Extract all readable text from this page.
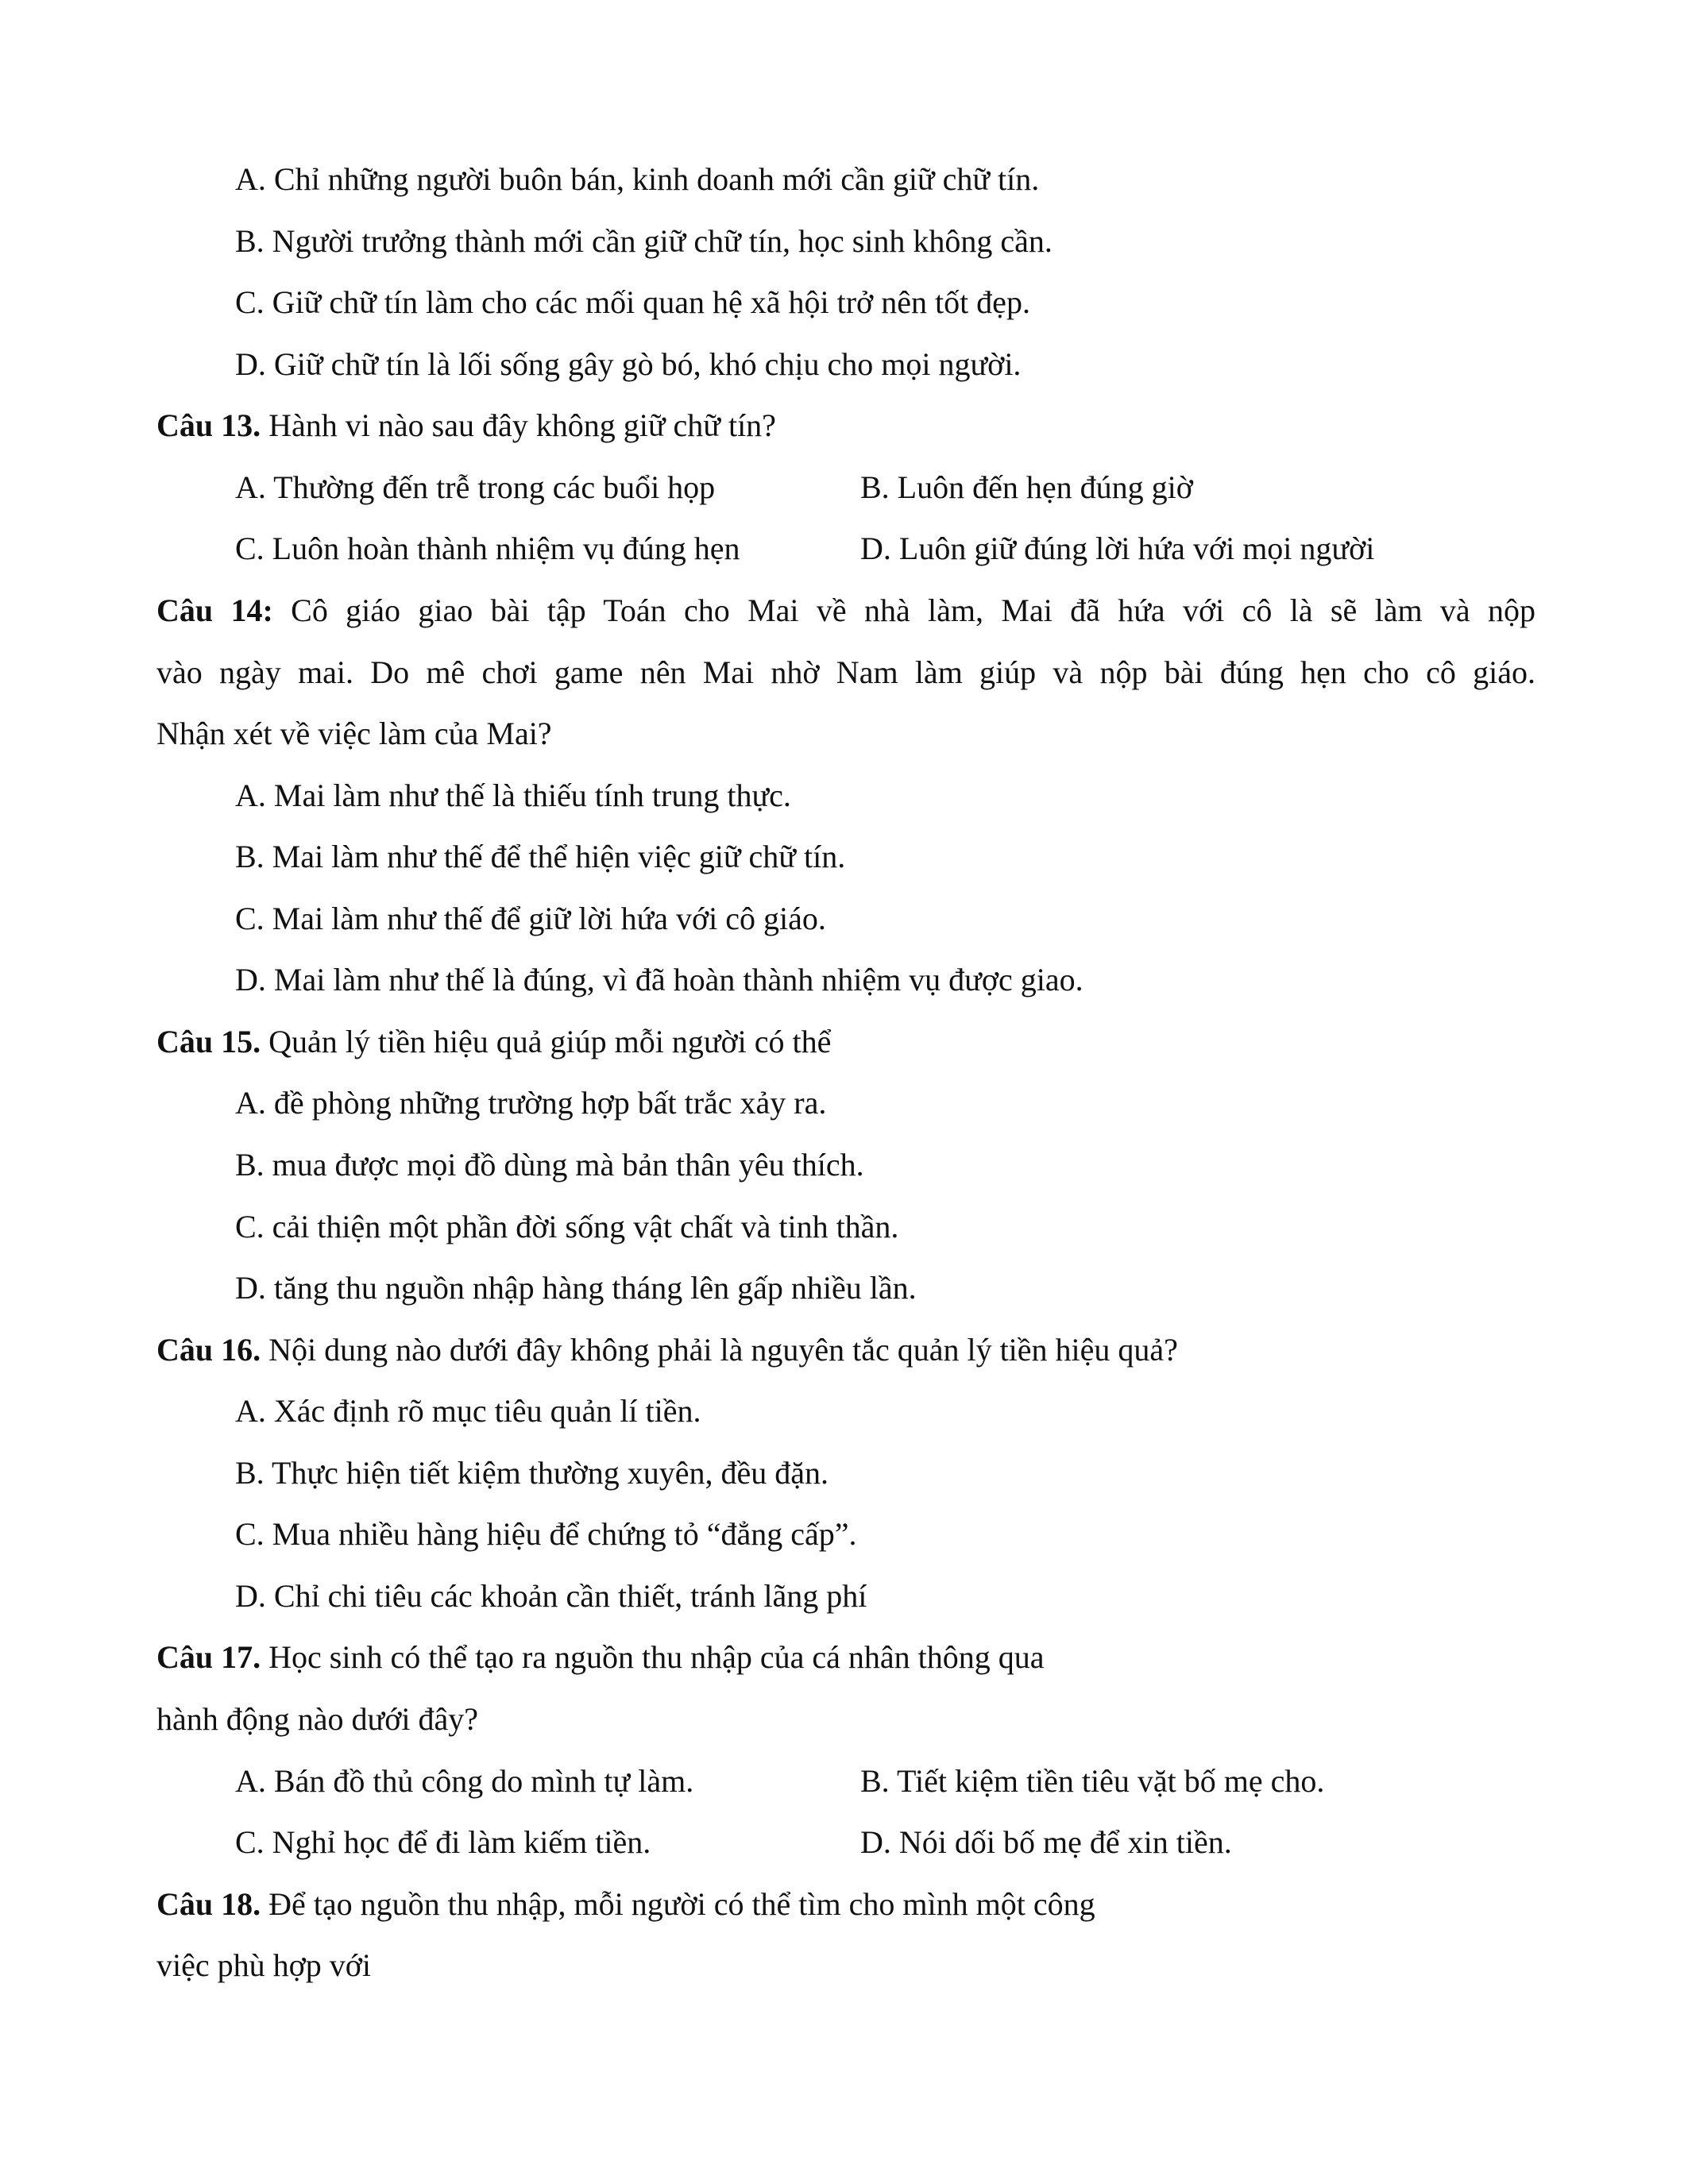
A. Chỉ những người buôn bán, kinh doanh mới cần giữ chữ tín.
B. Người trưởng thành mới cần giữ chữ tín, học sinh không cần.
C. Giữ chữ tín làm cho các mối quan hệ xã hội trở nên tốt đẹp.
D. Giữ chữ tín là lối sống gây gò bó, khó chịu cho mọi người.
Câu 13. Hành vi nào sau đây không giữ chữ tín?
A. Thường đến trễ trong các buổi họp	B. Luôn đến hẹn đúng giờ
C. Luôn hoàn thành nhiệm vụ đúng hẹn	D. Luôn giữ đúng lời hứa với mọi người
Câu 14: Cô giáo giao bài tập Toán cho Mai về nhà làm, Mai đã hứa với cô là sẽ làm và nộp
vào ngày mai. Do mê chơi game nên Mai nhờ Nam làm giúp và nộp bài đúng hẹn cho cô giáo.
Nhận xét về việc làm của Mai?
A. Mai làm như thế là thiếu tính trung thực.
B. Mai làm như thế để thể hiện việc giữ chữ tín.
C. Mai làm như thế để giữ lời hứa với cô giáo.
D. Mai làm như thế là đúng, vì đã hoàn thành nhiệm vụ được giao.
Câu 15. Quản lý tiền hiệu quả giúp mỗi người có thể
A. đề phòng những trường hợp bất trắc xảy ra.
B. mua được mọi đồ dùng mà bản thân yêu thích.
C. cải thiện một phần đời sống vật chất và tinh thần.
D. tăng thu nguồn nhập hàng tháng lên gấp nhiều lần.
Câu 16. Nội dung nào dưới đây không phải là nguyên tắc quản lý tiền hiệu quả?
A. Xác định rõ mục tiêu quản lí tiền.
B. Thực hiện tiết kiệm thường xuyên, đều đặn.
C. Mua nhiều hàng hiệu để chứng tỏ “đẳng cấp”.
D. Chỉ chi tiêu các khoản cần thiết, tránh lãng phí
Câu 17. Học sinh có thể tạo ra nguồn thu nhập của cá nhân thông qua
hành động nào dưới đây?
A. Bán đồ thủ công do mình tự làm.	B. Tiết kiệm tiền tiêu vặt bố mẹ cho.
C. Nghỉ học để đi làm kiếm tiền.	D. Nói dối bố mẹ để xin tiền.
Câu 18. Để tạo nguồn thu nhập, mỗi người có thể tìm cho mình một công
việc phù hợp với
